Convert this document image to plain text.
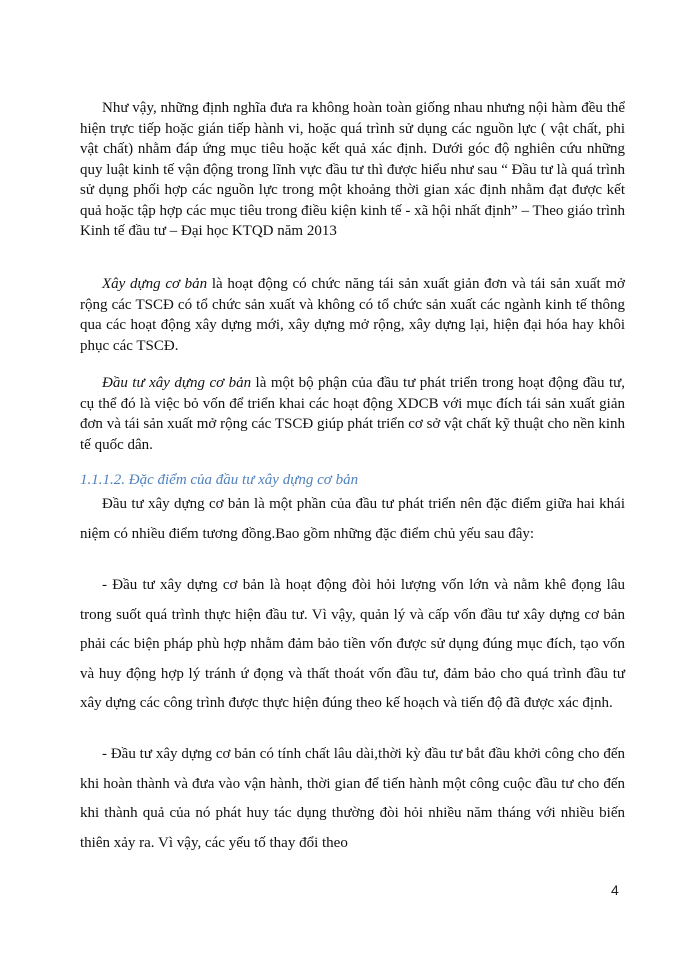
Như vậy, những định nghĩa đưa ra không hoàn toàn giống nhau nhưng nội hàm đều thể hiện trực tiếp hoặc gián tiếp hành vi, hoặc quá trình sử dụng các nguồn lực ( vật chất, phi vật chất) nhằm đáp ứng mục tiêu hoặc kết quả xác định. Dưới góc độ nghiên cứu những quy luật kinh tế vận động trong lĩnh vực đầu tư thì được hiểu như sau “ Đầu tư là quá trình sử dụng phối hợp các nguồn lực trong một khoảng thời gian xác định nhằm đạt được kết quả hoặc tập hợp các mục tiêu trong điều kiện kinh tế - xã hội nhất định” – Theo giáo trình Kinh tế đầu tư – Đại học KTQD năm 2013

Xây dựng cơ bản là hoạt động có chức năng tái sản xuất giản đơn và tái sản xuất mở rộng các TSCĐ có tổ chức sản xuất và không có tổ chức sản xuất các ngành kinh tế thông qua các hoạt động xây dựng mới, xây dựng mở rộng, xây dựng lại, hiện đại hóa hay khôi phục các TSCĐ.

Đầu tư xây dựng cơ bản là một bộ phận của đầu tư phát triển trong hoạt động đầu tư, cụ thể đó là việc bỏ vốn để triển khai các hoạt động XDCB với mục đích tái sản xuất giản đơn và tái sản xuất mở rộng các TSCĐ giúp phát triển cơ sở vật chất kỹ thuật cho nền kinh tế quốc dân.

1.1.1.2. Đặc điểm của đầu tư xây dựng cơ bản

Đầu tư xây dựng cơ bản là một phần của đầu tư phát triển nên đặc điểm giữa hai khái niệm có nhiều điểm tương đồng.Bao gồm những đặc điểm chủ yếu sau đây:

- Đầu tư xây dựng cơ bản là hoạt động đòi hỏi lượng vốn lớn và nằm khê đọng lâu trong suốt quá trình thực hiện đầu tư. Vì vậy, quản lý và cấp vốn đầu tư xây dựng cơ bản phải các biện pháp phù hợp nhằm đảm bảo tiền vốn được sử dụng đúng mục đích, tạo vốn và huy động hợp lý tránh ứ đọng và thất thoát vốn đầu tư, đảm bảo cho quá trình đầu tư xây dựng các công trình được thực hiện đúng theo kế hoạch và tiến độ đã được xác định.

- Đầu tư xây dựng cơ bản có tính chất lâu dài,thời kỳ đầu tư bắt đầu khởi công cho đến khi hoàn thành và đưa vào vận hành, thời gian để tiến hành một công cuộc đầu tư cho đến khi thành quả của nó phát huy tác dụng thường đòi hỏi nhiều năm tháng với nhiều biến thiên xảy ra. Vì vậy, các yếu tố thay đổi theo

4
